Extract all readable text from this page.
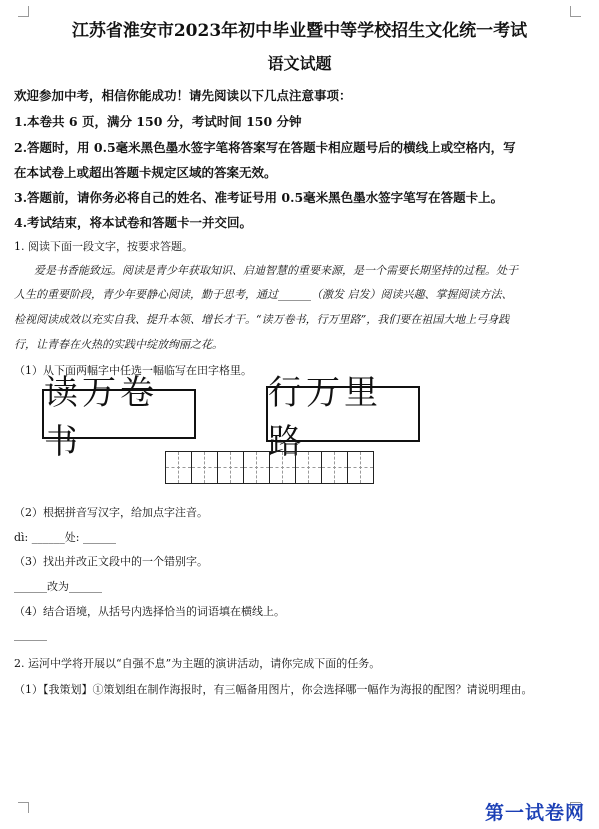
江苏省淮安市2023年初中毕业暨中等学校招生文化统一考试
语文试题
欢迎参加中考，相信你能成功！请先阅读以下几点注意事项：
1.本卷共 6 页，满分 150 分，考试时间 150 分钟
2.答题时，用 0.5毫米黑色墨水签字笔将答案写在答题卡相应题号后的横线上或空格内，写
在本试卷上或超出答题卡规定区域的答案无效。
3.答题前，请你务必将自己的姓名、准考证号用 0.5毫米黑色墨水签字笔写在答题卡上。
4.考试结束，将本试卷和答题卡一并交回。
1. 阅读下面一段文字，按要求答题。
爱是书香能致远。阅读是青少年获取知识、启迪智慧的重要来源，是一个需要长期坚持的过程。处于
人生的重要阶段，青少年要静心阅读，勤于思考，通过______（激发 启发）阅读兴趣、掌握阅读方法、
检视阅读成效以充实自我、提升本领、增长才干。“读万卷书，行万里路”，我们要在祖国大地上弓身践
行，让青春在火热的实践中绽放绚丽之花。
（1）从下面两幅字中任选一幅临写在田字格里。
读万卷书
行万里路
（2）根据拼音写汉字，给加点字注音。
dì: ______处: ______
（3）找出并改正文段中的一个错别字。
______改为______
（4）结合语境，从括号内选择恰当的词语填在横线上。
______
2. 运河中学将开展以“自强不息”为主题的演讲活动，请你完成下面的任务。
（1）【我策划】①策划组在制作海报时，有三幅备用图片，你会选择哪一幅作为海报的配图？请说明理由。
第一试卷网
